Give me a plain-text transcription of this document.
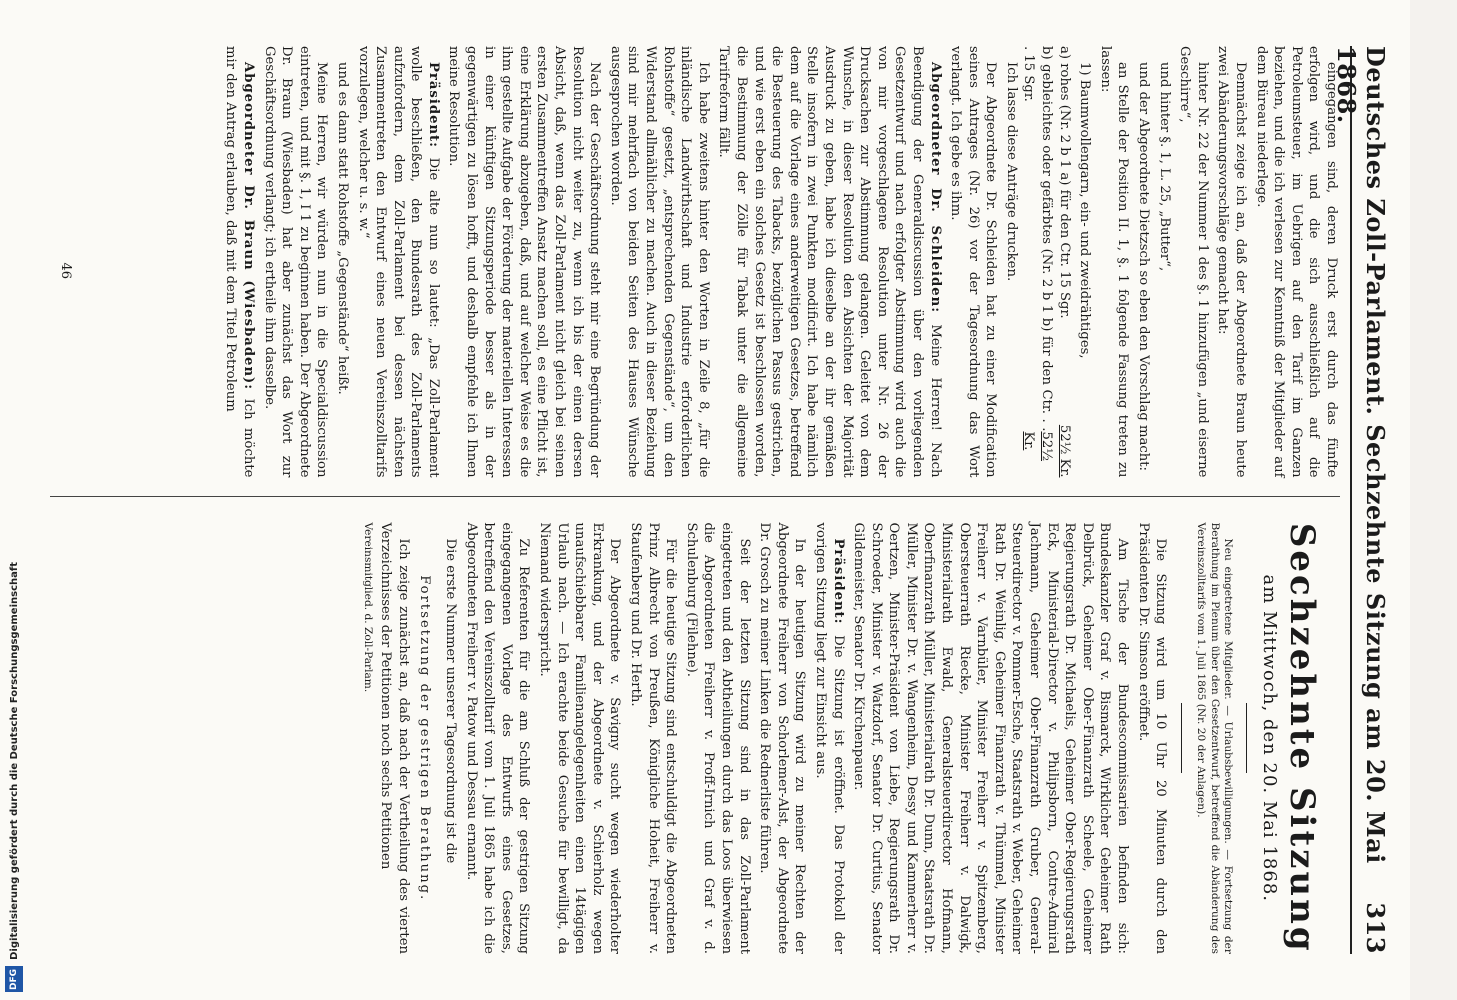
Deutsches Zoll-Parlament. Sechzehnte Sitzung am 20. Mai 1868.
313

eingegangen sind, deren Druck erst durch das fünfte erfolgen wird, und die sich ausschließlich auf die Petroleumsteuer, im Uebrigen auf den Tarif im Ganzen beziehen, und die ich verlesen zur Kenntniß der Mitglieder auf dem Büreau niederlege.

Demnächst zeige ich an, daß der Abgeordnete Braun heute zwei Abänderungsvorschläge gemacht hat:

hinter Nr. 22 der Nummer 1 des §. 1 hinzufügen „und eiserne Geschirre“,

und hinter §. 1, L. 25, „Butter“,

und der Abgeordnete Dietzsch so eben den Vorschlag macht:

an Stelle der Position II. 1, §. 1 folgende Fassung treten zu lassen:

1) Baumwollengarn, ein- und zweidrähtiges,

a) rohes (Nr. 2 b 1 a) für den Ctr. 15 Sgr.
52½ Kr.
b) gebleichtes oder gefärbtes (Nr. 2 b 1 b) für den Ctr. . . . 15 Sgr.
52½ Kr.

Ich lasse diese Anträge drucken.

Der Abgeordnete Dr. Schleiden hat zu einer Modification seines Antrages (Nr. 26) vor der Tagesordnung das Wort verlangt. Ich gebe es ihm.

Abgeordneter Dr. Schleiden: Meine Herren! Nach Beendigung der Generaldiscussion über den vorliegenden Gesetzentwurf und nach erfolgter Abstimmung wird auch die von mir vorgeschlagene Resolution unter Nr. 26 der Drucksachen zur Abstimmung gelangen. Geleitet von dem Wunsche, in dieser Resolution den Absichten der Majorität Ausdruck zu geben, habe ich dieselbe an der ihr gemäßen Stelle insofern in zwei Punkten modificirt. Ich habe nämlich dem auf die Vorlage eines anderweitigen Gesetzes, betreffend die Besteuerung des Tabacks, bezüglichen Passus gestrichen, und wie erst eben ein solches Gesetz ist beschlossen worden, die Bestimmung der Zölle für Tabak unter die allgemeine Tarifreform fällt.

Ich habe zweitens hinter den Worten in Zeile 8, „für die inländische Landwirthschaft und Industrie erforderlichen Rohstoffe“ gesetzt, „entsprechenden Gegenstände“, um den Widerstand allmählicher zu machen. Auch in dieser Beziehung sind mir mehrfach von beiden Seiten des Hauses Wünsche ausgesprochen worden.

Nach der Geschäftsordnung steht mir eine Begründung der Resolution nicht weiter zu, wenn ich bis der einen dersen Absicht, daß, wenn das Zoll-Parlament nicht gleich bei seinen ersten Zusammentreffen Ansatz machen soll, es eine Pflicht ist, eine Erklärung abzugeben, daß, und auf welcher Weise es die ihm gestellte Aufgabe der Förderung der materiellen Interessen in einer künftigen Sitzungsperiode besser als in der gegenwärtigen zu lösen hofft, und deshalb empfehle ich Ihnen meine Resolution.

Präsident: Die alte nun so lautet: „Das Zoll-Parlament wolle beschließen, den Bundesrath des Zoll-Parlaments aufzufordern, dem Zoll-Parlament bei dessen nächsten Zusammentreten den Entwurf eines neuen Vereinszolltarifs vorzulegen, welcher u. s. w.“

und es dann statt Rohstoffe „Gegenstände“ heißt.

Meine Herren, wir würden nun in die Specialdiscussion eintreten, und mit §. 1, I 1 zu beginnen haben. Der Abgeordnete Dr. Braun (Wiesbaden) hat aber zunächst das Wort zur Geschäftsordnung verlangt; ich ertheile ihm dasselbe.

Abgeordneter Dr. Braun (Wiesbaden): Ich möchte mir den Antrag erlauben, daß mit dem Titel Petroleum

46
Sechzehnte Sitzung
am Mittwoch, den 20. Mai 1868.

Neu eingetretene Mitglieder. — Urlaubsbewilligungen. — Fortsetzung der Berathung im Plenum über den Gesetzentwurf, betreffend die Abänderung des Vereinszolltarifs vom 1. Juli 1865 (Nr. 20 der Anlagen).

Die Sitzung wird um 10 Uhr 20 Minuten durch den Präsidenten Dr. Simson eröffnet.

Am Tische der Bundescommissarien befinden sich: Bundeskanzler Graf v. Bismarck, Wirklicher Geheimer Rath Delbrück, Geheimer Ober-Finanzrath Scheele, Geheimer Regierungsrath Dr. Michaelis, Geheimer Ober-Regierungsrath Eck, Ministerial-Director v. Philipsborn, Contre-Admiral Jachmann, Geheimer Ober-Finanzrath Gruber, General-Steuerdirector v. Pommer-Esche, Staatsrath v. Weber, Geheimer Rath Dr. Weinlig, Geheimer Finanzrath v. Thümmel, Minister Freiherr v. Varnbüler, Minister Freiherr v. Spitzemberg, Obersteuerrath Riecke, Minister Freiherr v. Dalwigk, Ministerialrath Ewald, Generalsteuerdirector Hofmann, Oberfinanzrath Müller, Ministerialrath Dr. Dunn, Staatsrath Dr. Müller, Minister Dr. v. Wangenheim, Dessy und Kammerherr v. Oertzen, Minister-Präsident von Liebe, Regierungsrath Dr. Schroeder, Minister v. Watzdorf, Senator Dr. Curtius, Senator Gildemeister, Senator Dr. Kirchenpauer.

Präsident: Die Sitzung ist eröffnet. Das Protokoll der vorigen Sitzung liegt zur Einsicht aus.

In der heutigen Sitzung wird zu meiner Rechten der Abgeordnete Freiherr von Schorlemer-Alst, der Abgeordnete Dr. Grosch zu meiner Linken die Rednerliste führen.

Seit der letzten Sitzung sind in das Zoll-Parlament eingetreten und den Abtheilungen durch das Loos überwiesen die Abgeordneten Freiherr v. Proff-Irnich und Graf v. d. Schulenburg (Filehne).

Für die heutige Sitzung sind entschuldigt die Abgeordneten Prinz Albrecht von Preußen, Königliche Hoheit, Freiherr v. Staufenberg und Dr. Herth.

Der Abgeordnete v. Savigny sucht wegen wiederholter Erkrankung, und der Abgeordnete v. Schierholz wegen unaufschiebbarer Familienangelegenheiten einen 14tägigen Urlaub nach. — Ich erachte beide Gesuche für bewilligt, da Niemand widerspricht.

Zu Referenten für die am Schluß der gestrigen Sitzung eingegangenen Vorlage des Entwurfs eines Gesetzes, betreffend den Vereinszolltarif vom 1. Juli 1865 habe ich die Abgeordneten Freiherr v. Patow und Dessau ernannt.

Die erste Nummer unserer Tagesordnung ist die

Fortsetzung der gestrigen Berathung.

Ich zeige zunächst an, daß nach der Vertheilung des vierten Verzeichnisses der Petitionen noch sechs Petitionen

Vereinsmitglied. d. Zoll-Parlam.

Digitalisierung gefördert durch die Deutsche Forschungsgemeinschaft
DFG
